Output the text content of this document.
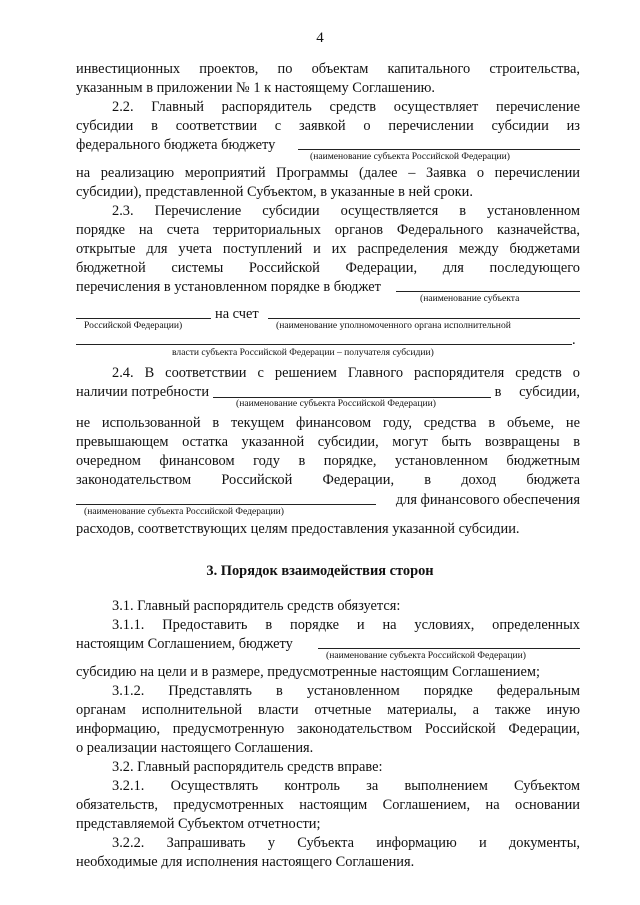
4
инвестиционных проектов, по объектам капитального строительства,
указанным в приложении № 1 к настоящему Соглашению.
2.2. Главный распорядитель средств осуществляет перечисление
субсидии в соответствии с заявкой о перечислении субсидии из
федерального бюджета бюджету
(наименование субъекта Российской Федерации)
на реализацию мероприятий Программы (далее – Заявка о перечислении
субсидии), представленной Субъектом, в указанные в ней сроки.
2.3. Перечисление субсидии осуществляется в установленном
порядке на счета территориальных органов Федерального казначейства,
открытые для учета поступлений и их распределения между бюджетами
бюджетной системы Российской Федерации, для последующего
перечисления в установленном порядке в бюджет
(наименование субъекта
на счет
Российской Федерации)	(наименование уполномоченного органа исполнительной
.
власти субъекта Российской Федерации – получателя субсидии)
2.4. В соответствии с решением Главного распорядителя средств о
наличии потребности	в субсидии,
(наименование субъекта Российской Федерации)
не использованной в текущем финансовом году, средства в объеме, не
превышающем остатка указанной субсидии, могут быть возвращены в
очередном финансовом году в порядке, установленном бюджетным
законодательством Российской Федерации, в доход бюджета
для финансового обеспечения
(наименование субъекта Российской Федерации)
расходов, соответствующих целям предоставления указанной субсидии.
3. Порядок взаимодействия сторон
3.1. Главный распорядитель средств обязуется:
3.1.1. Предоставить в порядке и на условиях, определенных
настоящим Соглашением, бюджету
(наименование субъекта Российской Федерации)
субсидию на цели и в размере, предусмотренные настоящим Соглашением;
3.1.2. Представлять в установленном порядке федеральным
органам исполнительной власти отчетные материалы, а также иную
информацию, предусмотренную законодательством Российской Федерации,
о реализации настоящего Соглашения.
3.2. Главный распорядитель средств вправе:
3.2.1. Осуществлять контроль за выполнением Субъектом
обязательств, предусмотренных настоящим Соглашением, на основании
представляемой Субъектом отчетности;
3.2.2. Запрашивать у Субъекта информацию и документы,
необходимые для исполнения настоящего Соглашения.
